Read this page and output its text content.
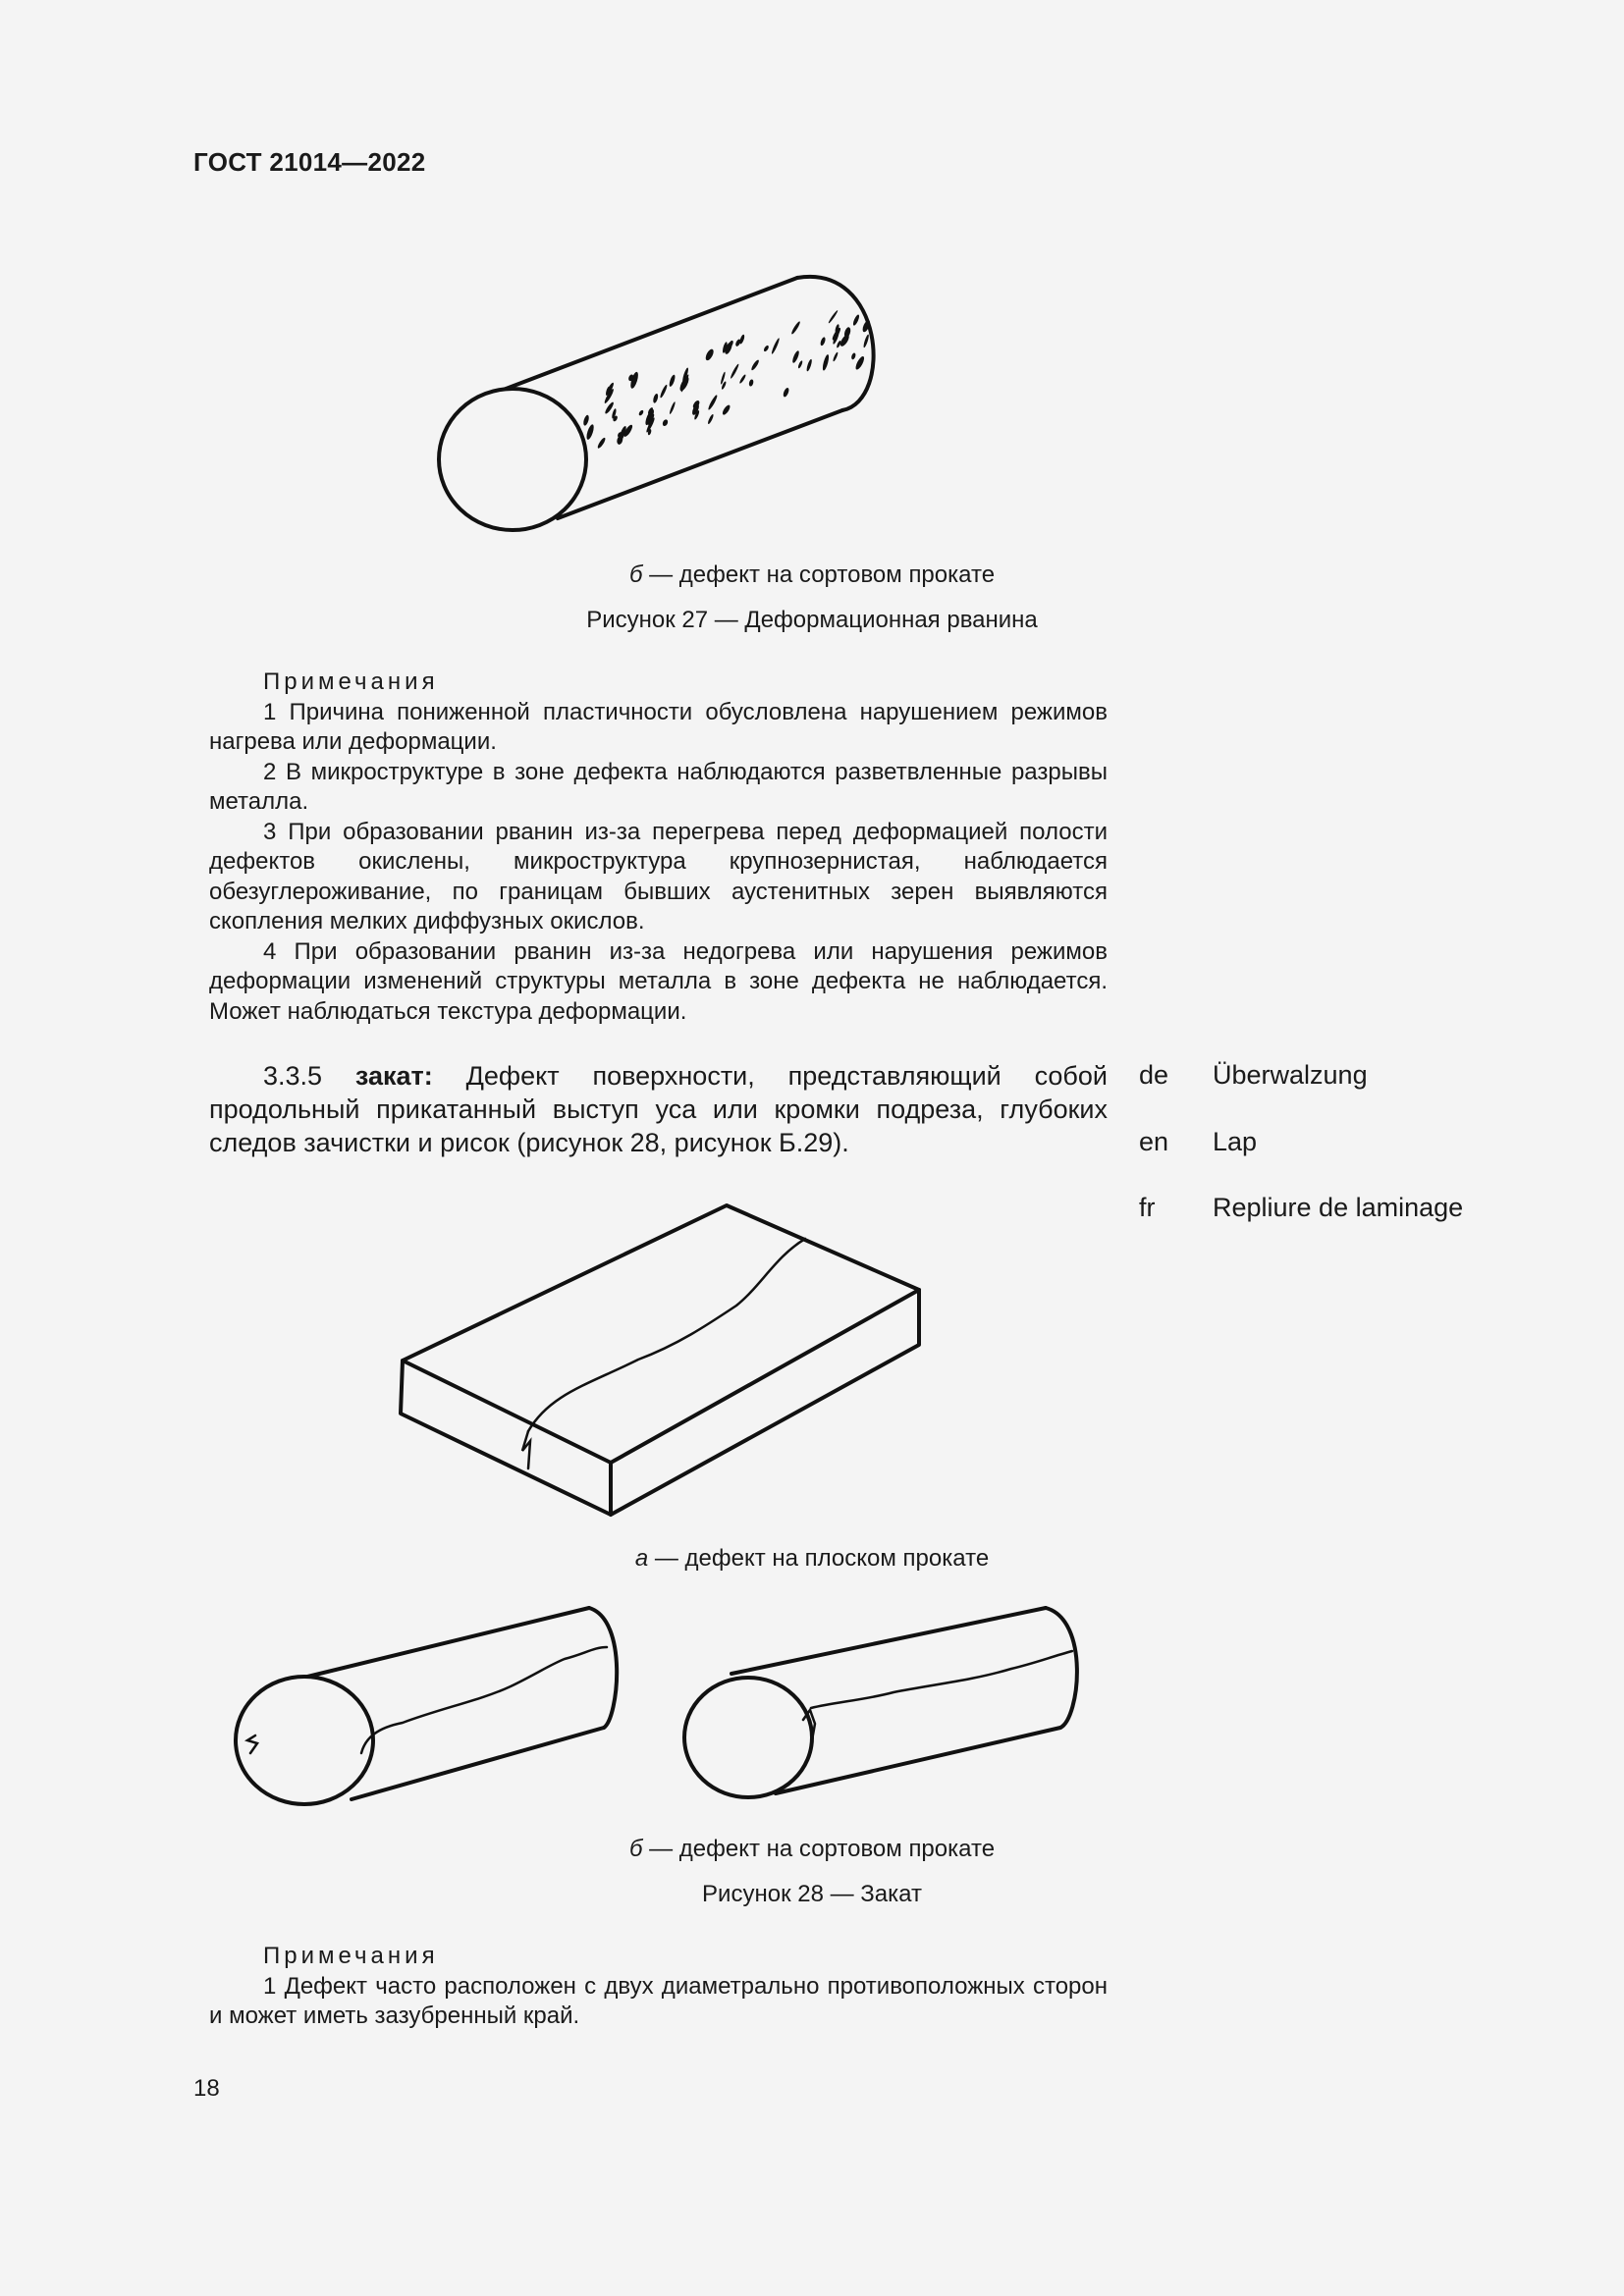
ГОСТ 21014—2022
б — дефект на сортовом прокате
Рисунок 27 — Деформационная рванина

Примечания

1 Причина пониженной пластичности обусловлена нарушением режимов нагрева или деформации.

2 В микроструктуре в зоне дефекта наблюдаются разветвленные разрывы металла.

3 При образовании рванин из-за перегрева перед деформацией полости дефектов окислены, микроструктура крупнозернистая, наблюдается обезуглероживание, по границам бывших аустенитных зерен выявляются скопления мелких диффузных окислов.

4 При образовании рванин из-за недогрева или нарушения режимов деформации изменений структуры металла в зоне дефекта не наблюдается. Может наблюдаться текстура деформации.

3.3.5 закат: Дефект поверхности, представляющий собой продольный прикатанный выступ уса или кромки подреза, глубоких следов зачистки и рисок (рисунок 28, рисунок Б.29).

de Überwalzung
en Lap
fr Repliure de laminage
а — дефект на плоском прокате
б — дефект на сортовом прокате
Рисунок 28 — Закат

Примечания

1 Дефект часто расположен с двух диаметрально противоположных сторон и может иметь зазубренный край.

18
